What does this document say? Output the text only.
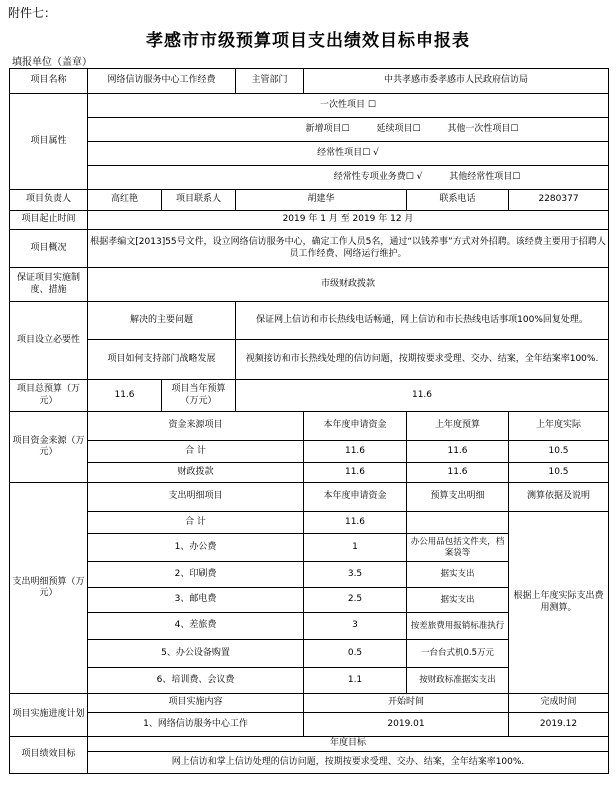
附件七：
孝感市市级预算项目支出绩效目标申报表
填报单位（盖章）
项目名称	网络信访服务中心工作经费		主管部门	中共孝感市委孝感市人民政府信访局		
项目属性	一次性项目 ☐					
	新增项目☐ 延续项目☐ 其他一次性项目☐					
	经常性项目☐ √					
	经常性专项业务费☐ √ 其他经常性项目☐					
项目负责人	高红艳	项目联系人	胡建华		联系电话	2280377
项目起止时间	2019 年 1 月 至 2019 年 12 月					
项目概况	根据孝编文[2013]55号文件，设立网络信访服务中心，确定工作人员5名，通过“以钱养事”方式对外招聘。该经费主要用于招聘人员工作经费、网络运行维护。					
保证项目实施制度、措施	市级财政拨款					
项目设立必要性	解决的主要问题		保证网上信访和市长热线电话畅通，网上信访和市长热线电话事项100%回复处理。			
	项目如何支持部门战略发展		视频接访和市长热线处理的信访问题，按期按要求受理、交办、结案，全年结案率100%.			
项目总预算（万元）	11.6	项目当年预算（万元）	11.6			
项目资金来源（万元）	资金来源项目			本年度申请资金	上年度预算	上年度实际
	合 计			11.6	11.6	10.5
	财政拨款			11.6	11.6	10.5
支出明细预算（万元）	支出明细项目			本年度申请资金	预算支出明细	测算依据及说明
	合 计			11.6		根据上年度实际支出费用测算。
	1、办公费			1	办公用品包括文件夹，档案袋等	
	2、印刷费			3.5	据实支出	
	3、邮电费			2.5	据实支出	
	4、差旅费			3	按差旅费用报销标准执行	
	5、办公设备购置			0.5	一台台式机0.5万元	
	6、培训费、会议费			1.1	按财政标准据实支出	
项目实施进度计划	项目实施内容			开始时间		完成时间
	1、网络信访服务中心工作			2019.01		2019.12
项目绩效目标	年度目标					
	网上信访和掌上信访处理的信访问题，按期按要求受理、交办、结案，全年结案率100%.					
